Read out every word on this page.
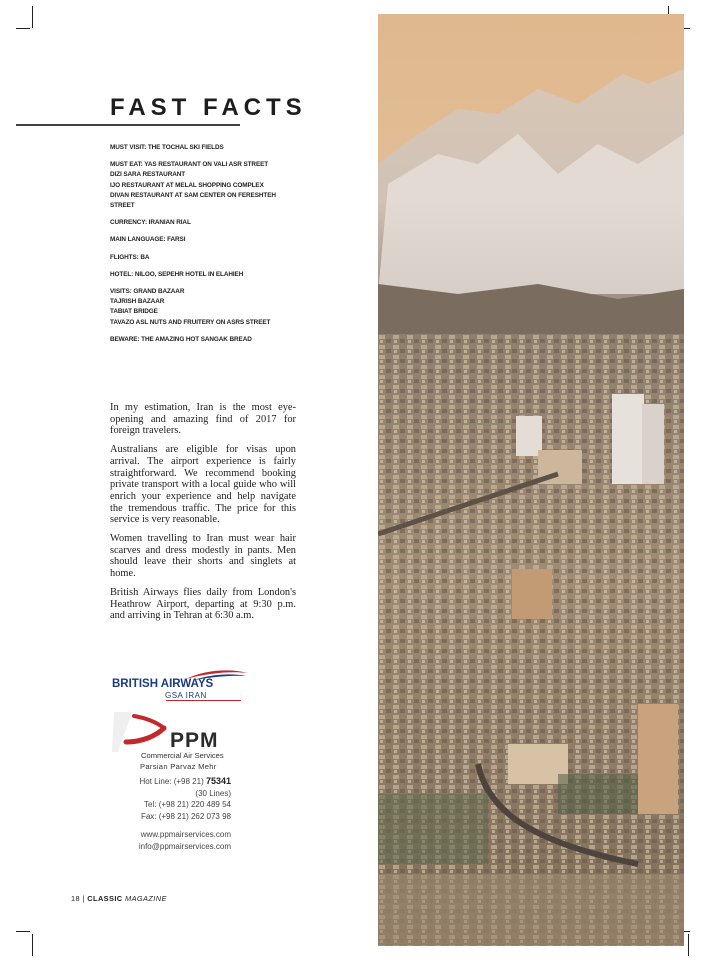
FAST FACTS
MUST VISIT: THE TOCHAL SKI FIELDS
MUST EAT: YAS RESTAURANT ON VALI ASR STREET
DIZI SARA RESTAURANT
IJO RESTAURANT AT MELAL SHOPPING COMPLEX
DIVAN RESTAURANT AT SAM CENTER ON FERESHTEH
STREET
CURRENCY: IRANIAN RIAL
MAIN LANGUAGE: FARSI
FLIGHTS: BA
HOTEL: NILOO, SEPEHR HOTEL IN ELAHIEH
VISITS: GRAND BAZAAR
TAJRISH BAZAAR
TABIAT BRIDGE
TAVAZO ASL NUTS AND FRUITERY ON ASRS STREET
BEWARE: THE AMAZING HOT SANGAK BREAD

In my estimation, Iran is the most eye-opening and amazing find of 2017 for foreign travelers.

Australians are eligible for visas upon arrival. The airport experience is fairly straightforward. We recommend booking private transport with a local guide who will enrich your experience and help navigate the tremendous traffic. The price for this service is very reasonable.

Women travelling to Iran must wear hair scarves and dress modestly in pants. Men should leave their shorts and singlets at home.

British Airways flies daily from London's Heathrow Airport, departing at 9:30 p.m. and arriving in Tehran at 6:30 a.m.

BRITISH AIRWAYS
GSA IRAN
PPM
Commercial Air Services
Parsian Parvaz Mehr
Hot Line: (+98 21) 75341
(30 Lines)
Tel: (+98 21) 220 489 54
Fax: (+98 21) 262 073 98
www.ppmairservices.com
info@ppmairservices.com
18 | CLASSIC MAGAZINE
